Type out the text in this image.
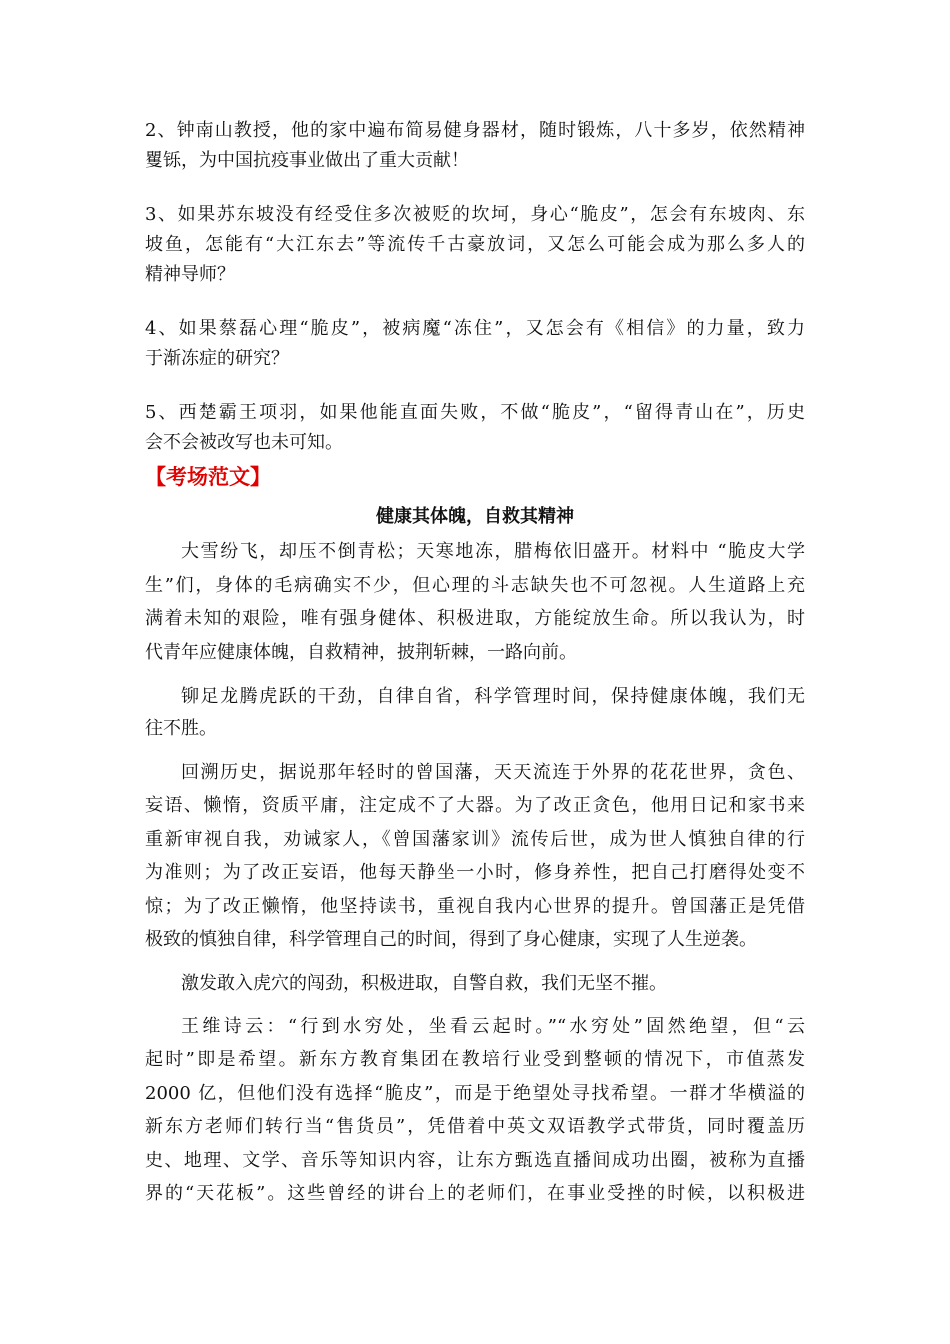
2、钟南山教授，他的家中遍布简易健身器材，随时锻炼，八十多岁，依然精神
矍铄，为中国抗疫事业做出了重大贡献！
3、如果苏东坡没有经受住多次被贬的坎坷，身心“脆皮”，怎会有东坡肉、东
坡鱼，怎能有“大江东去”等流传千古豪放词，又怎么可能会成为那么多人的
精神导师？
4、如果蔡磊心理“脆皮”，被病魔“冻住”，又怎会有《相信》的力量，致力
于渐冻症的研究？
5、西楚霸王项羽，如果他能直面失败，不做“脆皮”，“留得青山在”，历史
会不会被改写也未可知。
大雪纷飞，却压不倒青松；天寒地冻，腊梅依旧盛开。材料中 “脆皮大学
生”们，身体的毛病确实不少，但心理的斗志缺失也不可忽视。人生道路上充
满着未知的艰险，唯有强身健体、积极进取，方能绽放生命。所以我认为，时
代青年应健康体魄，自救精神，披荆斩棘，一路向前。
铆足龙腾虎跃的干劲，自律自省，科学管理时间，保持健康体魄，我们无
往不胜。
回溯历史，据说那年轻时的曾国藩，天天流连于外界的花花世界，贪色、
妄语、懒惰，资质平庸，注定成不了大器。为了改正贪色，他用日记和家书来
重新审视自我，劝诫家人，《曾国藩家训》流传后世，成为世人慎独自律的行
为准则；为了改正妄语，他每天静坐一小时，修身养性，把自己打磨得处变不
惊；为了改正懒惰，他坚持读书，重视自我内心世界的提升。曾国藩正是凭借
极致的慎独自律，科学管理自己的时间，得到了身心健康，实现了人生逆袭。
激发敢入虎穴的闯劲，积极进取，自警自救，我们无坚不摧。
王维诗云：“行到水穷处，坐看云起时。”“水穷处”固然绝望，但“云
起时”即是希望。新东方教育集团在教培行业受到整顿的情况下，市值蒸发
2000 亿，但他们没有选择“脆皮”，而是于绝望处寻找希望。一群才华横溢的
新东方老师们转行当“售货员”，凭借着中英文双语教学式带货，同时覆盖历
史、地理、文学、音乐等知识内容，让东方甄选直播间成功出圈，被称为直播
界的“天花板”。这些曾经的讲台上的老师们，在事业受挫的时候，以积极进
【考场范文】
健康其体魄，自救其精神
